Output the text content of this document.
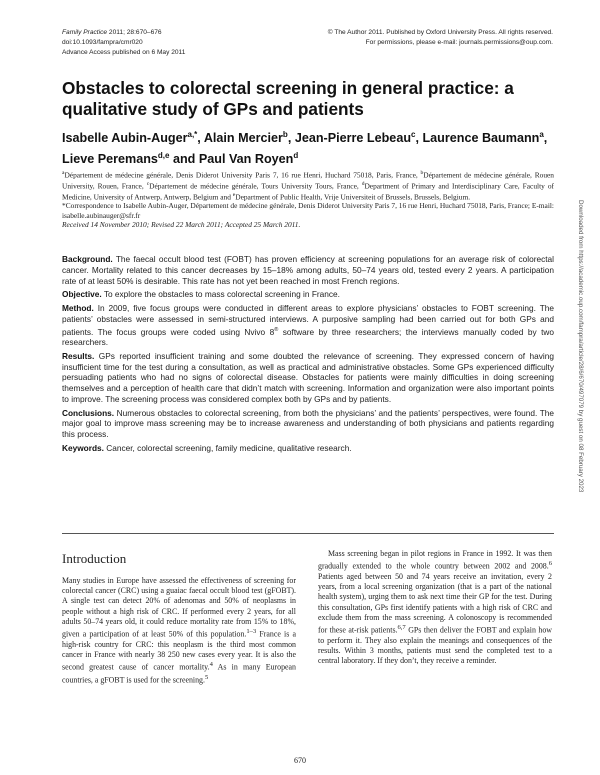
Family Practice 2011; 28:670–676
doi:10.1093/fampra/cmr020
Advance Access published on 6 May 2011
© The Author 2011. Published by Oxford University Press. All rights reserved.
For permissions, please e-mail: journals.permissions@oup.com.
Downloaded from https://academic.oup.com/fampra/article/28/6/670/497079 by guest on 08 February 2023
Obstacles to colorectal screening in general practice: a qualitative study of GPs and patients
Isabelle Aubin-Auger$^{a,*}$, Alain Mercier$^b$, Jean-Pierre Lebeau$^c$, Laurence Baumann$^a$, Lieve Peremans$^{d,e}$ and Paul Van Royen$^d$

$^a$Département de médecine générale, Denis Diderot University Paris 7, 16 rue Henri, Huchard 75018, Paris, France, $^b$Département de médecine générale, Rouen University, Rouen, France, $^c$Département de médecine générale, Tours University Tours, France, $^d$Department of Primary and Interdisciplinary Care, Faculty of Medicine, University of Antwerp, Antwerp, Belgium and $^e$Department of Public Health, Vrije Universiteit of Brussels, Brussels, Belgium.

*Correspondence to Isabelle Aubin-Auger, Département de médecine générale, Denis Diderot University Paris 7, 16 rue Henri, Huchard 75018, Paris, France; E-mail: isabelle.aubinauger@sfr.fr

Received 14 November 2010; Revised 22 March 2011; Accepted 25 March 2011.

Background. The faecal occult blood test (FOBT) has proven efficiency at screening populations for an average risk of colorectal cancer. Mortality related to this cancer decreases by 15–18% among adults, 50–74 years old, tested every 2 years. A participation rate of at least 50% is desirable. This rate has not yet been reached in most French regions.

Objective. To explore the obstacles to mass colorectal screening in France.

Method. In 2009, five focus groups were conducted in different areas to explore physicians’ obstacles to FOBT screening. The patients’ obstacles were assessed in semi-structured interviews. A purposive sampling had been carried out for both GPs and patients. The focus groups were coded using Nvivo 8® software by three researchers; the interviews manually coded by two researchers.

Results. GPs reported insufficient training and some doubted the relevance of screening. They expressed concern of having insufficient time for the test during a consultation, as well as practical and administrative obstacles. Some GPs experienced difficulty persuading patients who had no signs of colorectal disease. Obstacles for patients were mainly difficulties in doing screening themselves and a perception of health care that didn’t match with screening. Information and organization were also important points to improve. The screening process was considered complex both by GPs and by patients.

Conclusions. Numerous obstacles to colorectal screening, from both the physicians’ and the patients’ perspectives, were found. The major goal to improve mass screening may be to increase awareness and understanding of both physicians and patients regarding this process.

Keywords. Cancer, colorectal screening, family medicine, qualitative research.

Introduction

Many studies in Europe have assessed the effectiveness of screening for colorectal cancer (CRC) using a guaiac faecal occult blood test (gFOBT). A single test can detect 20% of adenomas and 50% of neoplasms in people without a high risk of CRC. If performed every 2 years, for all adults 50–74 years old, it could reduce mortality rate from 15% to 18%, given a participation of at least 50% of this population.$^{1-3}$ France is a high-risk country for CRC: this neoplasm is the third most common cancer in France with nearly 38 250 new cases every year. It is also the second greatest cause of cancer mortality.$^4$ As in many European countries, a gFOBT is used for the screening.$^5$

Mass screening began in pilot regions in France in 1992. It was then gradually extended to the whole country between 2002 and 2008.$^6$ Patients aged between 50 and 74 years receive an invitation, every 2 years, from a local screening organization (that is a part of the national health system), urging them to ask next time their GP for the test. During this consultation, GPs first identify patients with a high risk of CRC and exclude them from the mass screening. A colonoscopy is recommended for these at-risk patients.$^{6,7}$ GPs then deliver the FOBT and explain how to perform it. They also explain the meanings and consequences of the results. Within 3 months, patients must send the completed test to a central laboratory. If they don’t, they receive a reminder.

670
